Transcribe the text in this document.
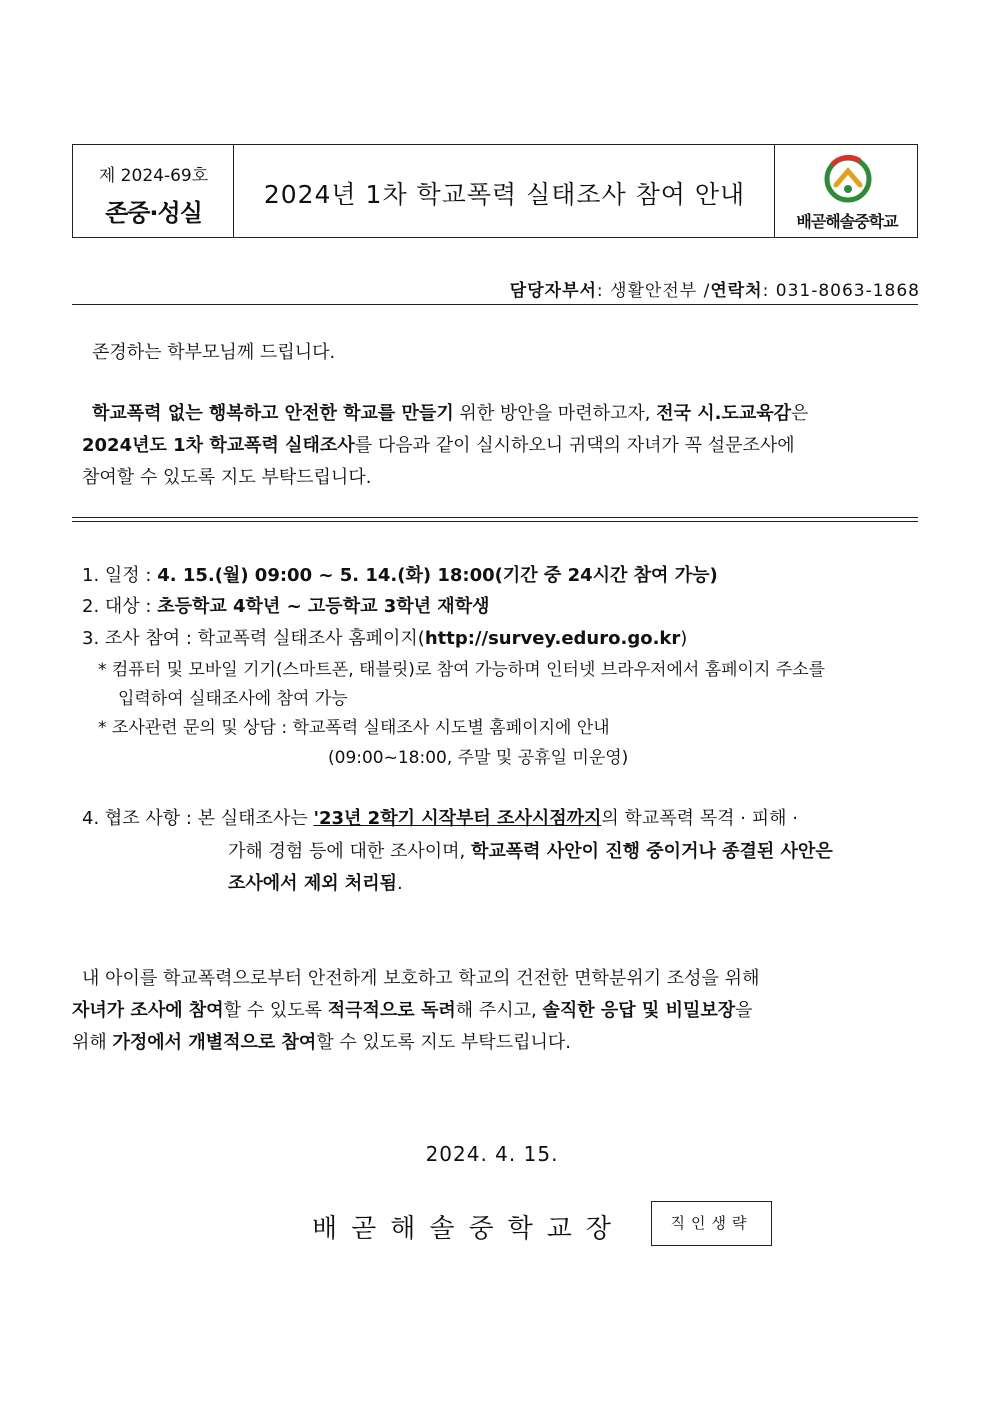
제 2024-69호
존중·성실
2024년 1차 학교폭력 실태조사 참여 안내
배곧해솔중학교
담당자부서: 생활안전부 /연락처: 031-8063-1868
존경하는 학부모님께 드립니다.
학교폭력 없는 행복하고 안전한 학교를 만들기 위한 방안을 마련하고자, 전국 시.도교육감은
2024년도 1차 학교폭력 실태조사를 다음과 같이 실시하오니 귀댁의 자녀가 꼭 설문조사에
참여할 수 있도록 지도 부탁드립니다.
1. 일정 : 4. 15.(월) 09:00 ~ 5. 14.(화) 18:00(기간 중 24시간 참여 가능)
2. 대상 : 초등학교 4학년 ~ 고등학교 3학년 재학생
3. 조사 참여 : 학교폭력 실태조사 홈페이지(http://survey.eduro.go.kr)
* 컴퓨터 및 모바일 기기(스마트폰, 태블릿)로 참여 가능하며 인터넷 브라우저에서 홈페이지 주소를
입력하여 실태조사에 참여 가능
* 조사관련 문의 및 상담 : 학교폭력 실태조사 시도별 홈페이지에 안내
(09:00~18:00, 주말 및 공휴일 미운영)
4. 협조 사항 : 본 실태조사는 '23년 2학기 시작부터 조사시점까지의 학교폭력 목격 · 피해 ·
가해 경험 등에 대한 조사이며, 학교폭력 사안이 진행 중이거나 종결된 사안은
조사에서 제외 처리됨.
내 아이를 학교폭력으로부터 안전하게 보호하고 학교의 건전한 면학분위기 조성을 위해
자녀가 조사에 참여할 수 있도록 적극적으로 독려해 주시고, 솔직한 응답 및 비밀보장을
위해 가정에서 개별적으로 참여할 수 있도록 지도 부탁드립니다.
2024. 4. 15.
배곧해솔중학교장	직인생략
